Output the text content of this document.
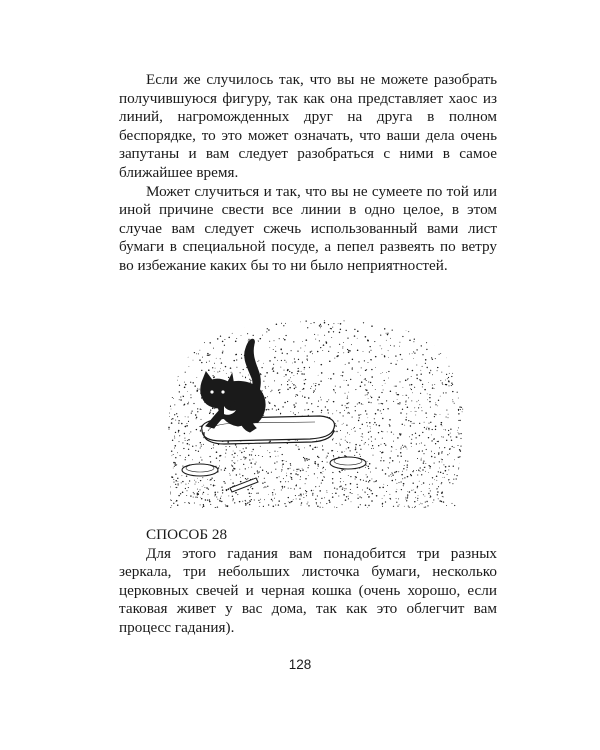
Если же случилось так, что вы не можете разобрать получившуюся фигуру, так как она представляет хаос из линий, нагроможденных друг на друга в полном беспорядке, то это может означать, что ваши дела очень запутаны и вам следует разобраться с ними в самое ближайшее время.

Может случиться и так, что вы не сумеете по той или иной причине свести все линии в одно целое, в этом случае вам следует сжечь использованный вами лист бумаги в специальной посуде, а пепел развеять по ветру во избежание каких бы то ни было неприятностей.

СПОСОБ 28

Для этого гадания вам понадобится три разных зеркала, три небольших листочка бумаги, несколько церковных свечей и черная кошка (очень хорошо, если таковая живет у вас дома, так как это облегчит вам процесс гадания).

128
